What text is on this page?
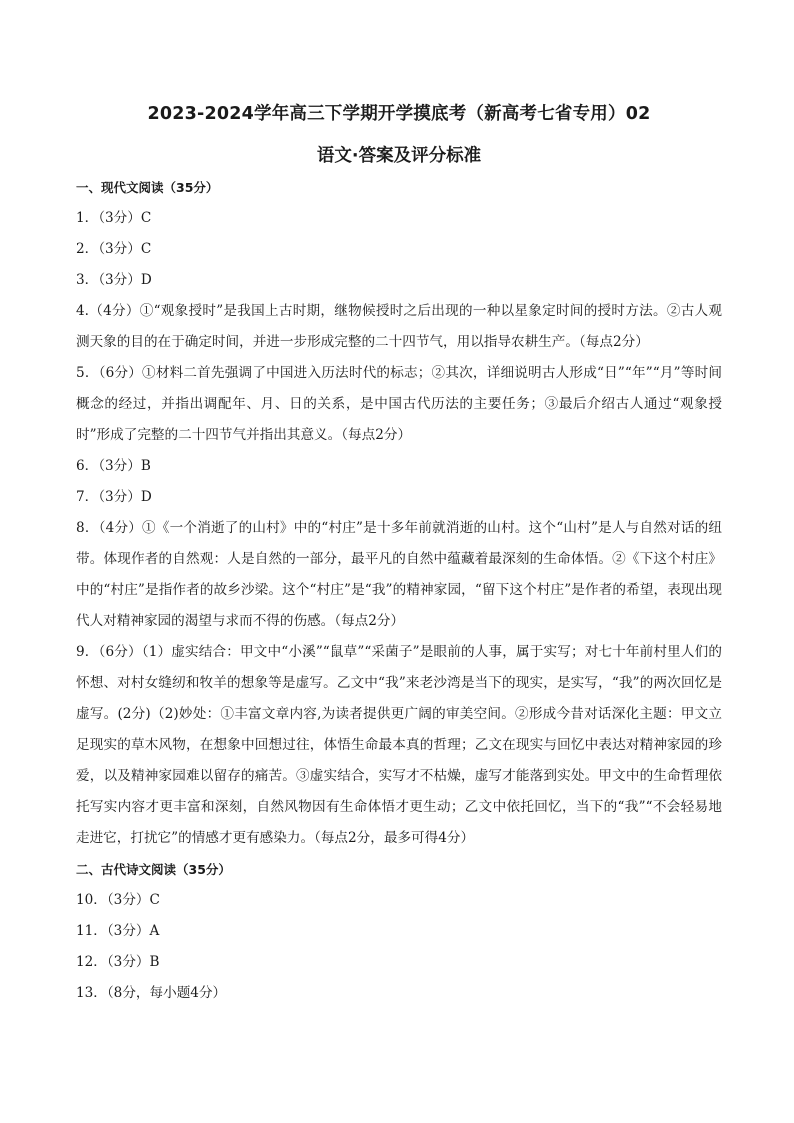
2023-2024学年高三下学期开学摸底考（新高考七省专用）02
语文·答案及评分标准
一、现代文阅读（35分）
1．（3分）C
2．（3分）C
3．（3分）D
4.（4分）①“观象授时”是我国上古时期，继物候授时之后出现的一种以星象定时间的授时方法。②古人观测天象的目的在于确定时间，并进一步形成完整的二十四节气，用以指导农耕生产。（每点2分）
5．（6分）①材料二首先强调了中国进入历法时代的标志；②其次，详细说明古人形成“日”“年”“月”等时间概念的经过，并指出调配年、月、日的关系，是中国古代历法的主要任务；③最后介绍古人通过“观象授时”形成了完整的二十四节气并指出其意义。（每点2分）
6．（3分）B
7．（3分）D
8．（4分）①《一个消逝了的山村》中的“村庄”是十多年前就消逝的山村。这个“山村”是人与自然对话的纽带。体现作者的自然观：人是自然的一部分，最平凡的自然中蕴藏着最深刻的生命体悟。②《下这个村庄》中的“村庄”是指作者的故乡沙梁。这个“村庄”是“我”的精神家园，“留下这个村庄”是作者的希望，表现出现代人对精神家园的渴望与求而不得的伤感。（每点2分）
9．（6分）（1）虚实结合：甲文中“小溪”“鼠草”“采菌子”是眼前的人事，属于实写；对七十年前村里人们的怀想、对村女缝纫和牧羊的想象等是虚写。乙文中“我”来老沙湾是当下的现实，是实写，“我”的两次回忆是虚写。(2分)（2)妙处：①丰富文章内容,为读者提供更广阔的审美空间。②形成今昔对话深化主题：甲文立足现实的草木风物，在想象中回想过往，体悟生命最本真的哲理；乙文在现实与回忆中表达对精神家园的珍爱，以及精神家园难以留存的痛苦。③虚实结合，实写才不枯燥，虚写才能落到实处。甲文中的生命哲理依托写实内容才更丰富和深刻，自然风物因有生命体悟才更生动；乙文中依托回忆，当下的“我”“不会轻易地走进它，打扰它”的情感才更有感染力。（每点2分，最多可得4分）
二、古代诗文阅读（35分）
10．（3分）C
11．（3分）A
12．（3分）B
13．（8分，每小题4分）
